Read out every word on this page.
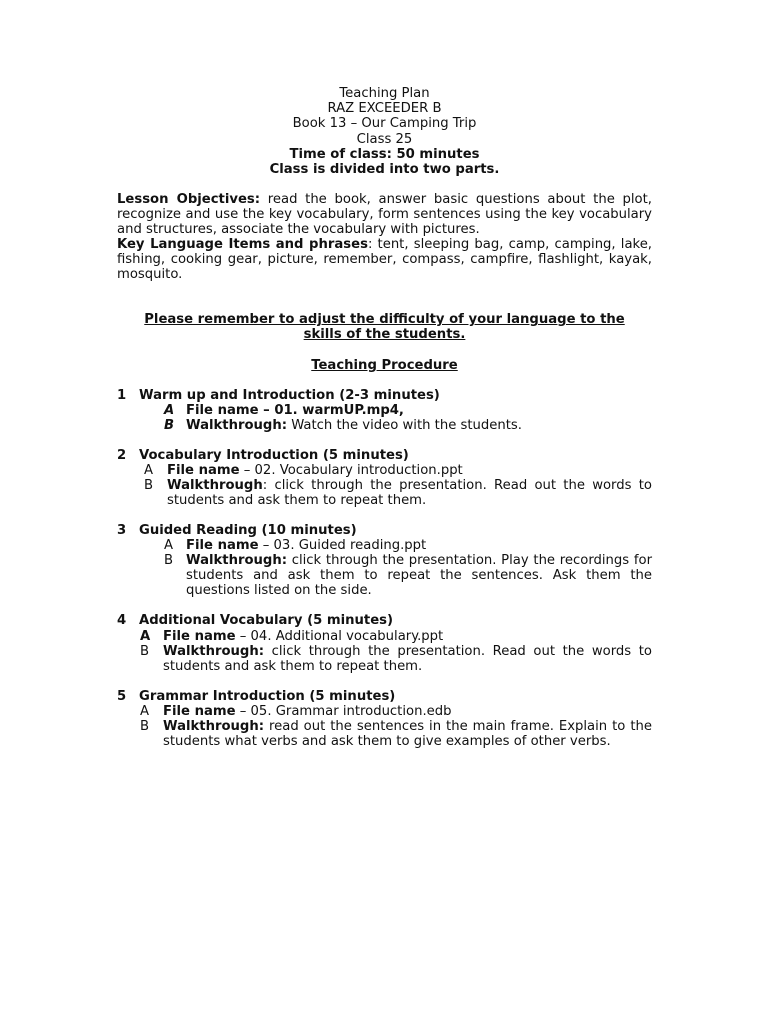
Teaching Plan
RAZ EXCEEDER B
Book 13 – Our Camping Trip
Class 25
Time of class: 50 minutes
Class is divided into two parts.
Lesson Objectives: read the book, answer basic questions about the plot, recognize and use the key vocabulary, form sentences using the key vocabulary and structures, associate the vocabulary with pictures.
Key Language Items and phrases: tent, sleeping bag, camp, camping, lake, fishing, cooking gear, picture, remember, compass, campfire, flashlight, kayak, mosquito.
Please remember to adjust the difficulty of your language to the skills of the students.
Teaching Procedure
1 Warm up and Introduction (2-3 minutes)
A File name – 01. warmUP.mp4,
B Walkthrough: Watch the video with the students.
2 Vocabulary Introduction (5 minutes)
A File name – 02. Vocabulary introduction.ppt
B Walkthrough: click through the presentation. Read out the words to students and ask them to repeat them.
3 Guided Reading (10 minutes)
A File name – 03. Guided reading.ppt
B Walkthrough: click through the presentation. Play the recordings for students and ask them to repeat the sentences. Ask them the questions listed on the side.
4 Additional Vocabulary (5 minutes)
A File name – 04. Additional vocabulary.ppt
B Walkthrough: click through the presentation. Read out the words to students and ask them to repeat them.
5 Grammar Introduction (5 minutes)
A File name – 05. Grammar introduction.edb
B Walkthrough: read out the sentences in the main frame. Explain to the students what verbs and ask them to give examples of other verbs.
